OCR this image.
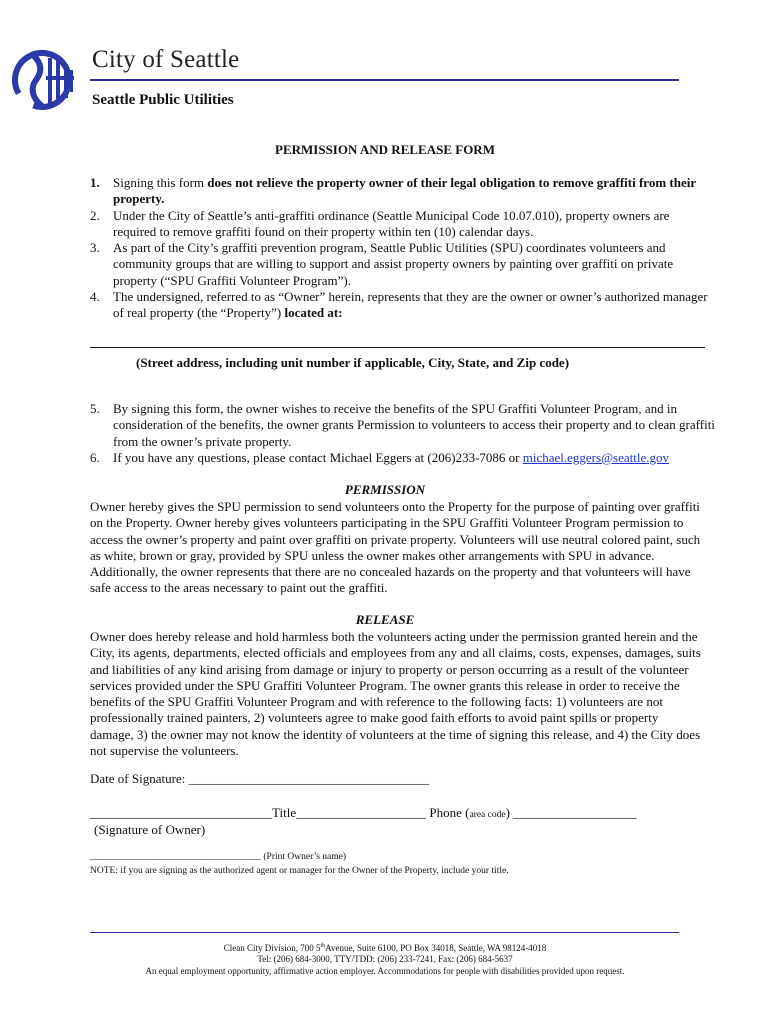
City of Seattle
Seattle Public Utilities
PERMISSION AND RELEASE FORM
1. Signing this form does not relieve the property owner of their legal obligation to remove graffiti from their property.
2. Under the City of Seattle’s anti-graffiti ordinance (Seattle Municipal Code 10.07.010), property owners are required to remove graffiti found on their property within ten (10) calendar days.
3. As part of the City’s graffiti prevention program, Seattle Public Utilities (SPU) coordinates volunteers and community groups that are willing to support and assist property owners by painting over graffiti on private property (“SPU Graffiti Volunteer Program”).
4. The undersigned, referred to as “Owner” herein, represents that they are the owner or owner’s authorized manager of real property (the “Property”) located at:
(Street address, including unit number if applicable, City, State, and Zip code)
5. By signing this form, the owner wishes to receive the benefits of the SPU Graffiti Volunteer Program, and in consideration of the benefits, the owner grants Permission to volunteers to access their property and to clean graffiti from the owner’s private property.
6. If you have any questions, please contact Michael Eggers at (206)233-7086 or michael.eggers@seattle.gov
PERMISSION
Owner hereby gives the SPU permission to send volunteers onto the Property for the purpose of painting over graffiti on the Property. Owner hereby gives volunteers participating in the SPU Graffiti Volunteer Program permission to access the owner’s property and paint over graffiti on private property. Volunteers will use neutral colored paint, such as white, brown or gray, provided by SPU unless the owner makes other arrangements with SPU in advance. Additionally, the owner represents that there are no concealed hazards on the property and that volunteers will have safe access to the areas necessary to paint out the graffiti.
RELEASE
Owner does hereby release and hold harmless both the volunteers acting under the permission granted herein and the City, its agents, departments, elected officials and employees from any and all claims, costs, expenses, damages, suits and liabilities of any kind arising from damage or injury to property or person occurring as a result of the volunteer services provided under the SPU Graffiti Volunteer Program. The owner grants this release in order to receive the benefits of the SPU Graffiti Volunteer Program and with reference to the following facts: 1) volunteers are not professionally trained painters, 2) volunteers agree to make good faith efforts to avoid paint spills or property damage, 3) the owner may not know the identity of volunteers at the time of signing this release, and 4) the City does not supervise the volunteers.
Date of Signature: _____________________________________
____________________________Title____________________ Phone (area code) ___________________
(Signature of Owner)
____________________________________ (Print Owner’s name)
NOTE: if you are signing as the authorized agent or manager for the Owner of the Property, include your title.
Clean City Division, 700 5thAvenue, Suite 6100, PO Box 34018, Seattle, WA 98124-4018
Tel: (206) 684-3000, TTY/TDD: (206) 233-7241, Fax: (206) 684-5637
An equal employment opportunity, affirmative action employer. Accommodations for people with disabilities provided upon request.
